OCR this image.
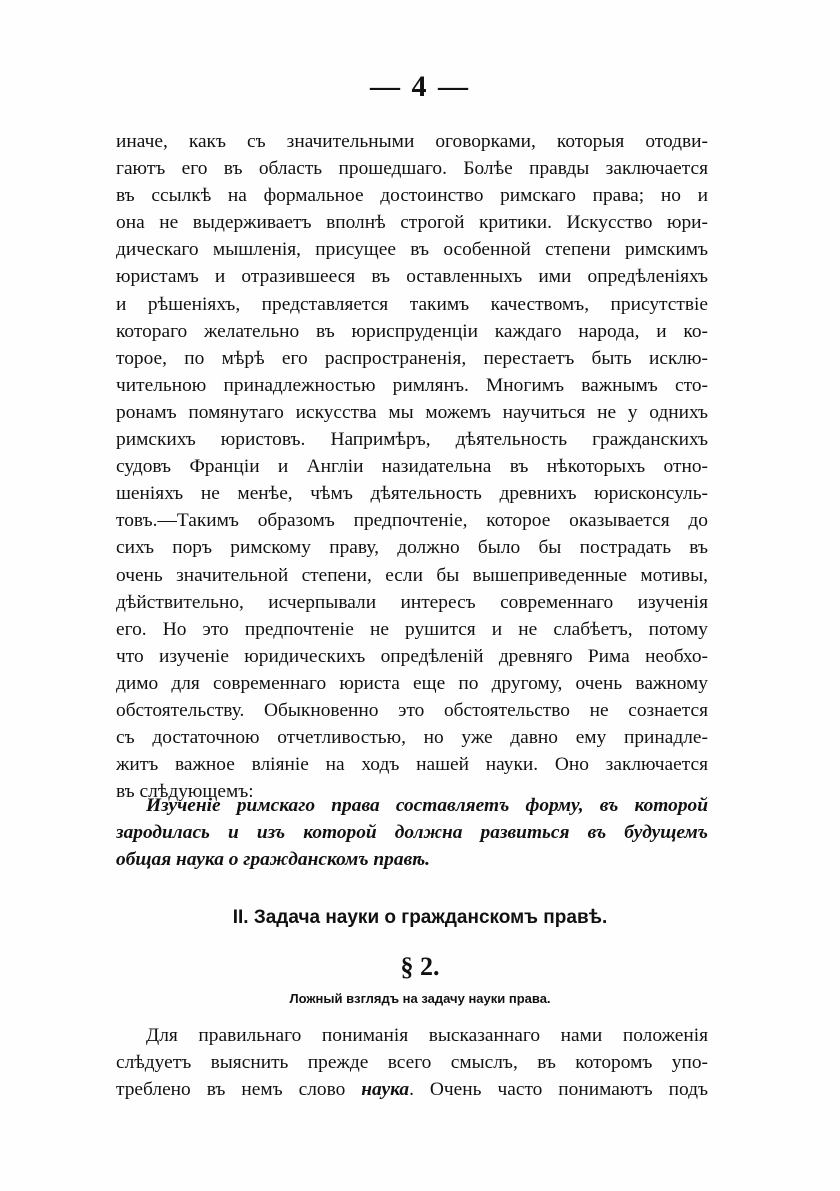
— 4 —
иначе, какъ съ значительными оговорками, которыя отодви-
гаютъ его въ область прошедшаго. Болѣе правды заключается
въ ссылкѣ на формальное достоинство римскаго права; но и
она не выдерживаетъ вполнѣ строгой критики. Искусство юри-
дическаго мышленія, присущее въ особенной степени римскимъ
юристамъ и отразившееся въ оставленныхъ ими опредѣленіяхъ
и рѣшеніяхъ, представляется такимъ качествомъ, присутствіе
котораго желательно въ юриспруденціи каждаго народа, и ко-
торое, по мѣрѣ его распространенія, перестаетъ быть исклю-
чительною принадлежностью римлянъ. Многимъ важнымъ сто-
ронамъ помянутаго искусства мы можемъ научиться не у однихъ
римскихъ юристовъ. Напримѣръ, дѣятельность гражданскихъ
судовъ Франціи и Англіи назидательна въ нѣкоторыхъ отно-
шеніяхъ не менѣе, чѣмъ дѣятельность древнихъ юрисконсуль-
товъ.—Такимъ образомъ предпочтеніе, которое оказывается до
сихъ поръ римскому праву, должно было бы пострадать въ
очень значительной степени, если бы вышеприведенные мотивы,
дѣйствительно, исчерпывали интересъ современнаго изученія
его. Но это предпочтеніе не рушится и не слабѣетъ, потому
что изученіе юридическихъ опредѣленій древняго Рима необхо-
димо для современнаго юриста еще по другому, очень важному
обстоятельству. Обыкновенно это обстоятельство не сознается
съ достаточною отчетливостью, но уже давно ему принадле-
житъ важное вліяніе на ходъ нашей науки. Оно заключается
въ слѣдующемъ:
Изученіе римскаго права составляетъ форму, въ которой
зародилась и изъ которой должна развиться въ будущемъ
общая наука о гражданскомъ правѣ.
II. Задача науки о гражданскомъ правѣ.
§ 2.
Ложный взглядъ на задачу науки права.
Для правильнаго пониманія высказаннаго нами положенія
слѣдуетъ выяснить прежде всего смыслъ, въ которомъ упо-
требленo въ немъ слово наука. Очень часто понимаютъ подъ
